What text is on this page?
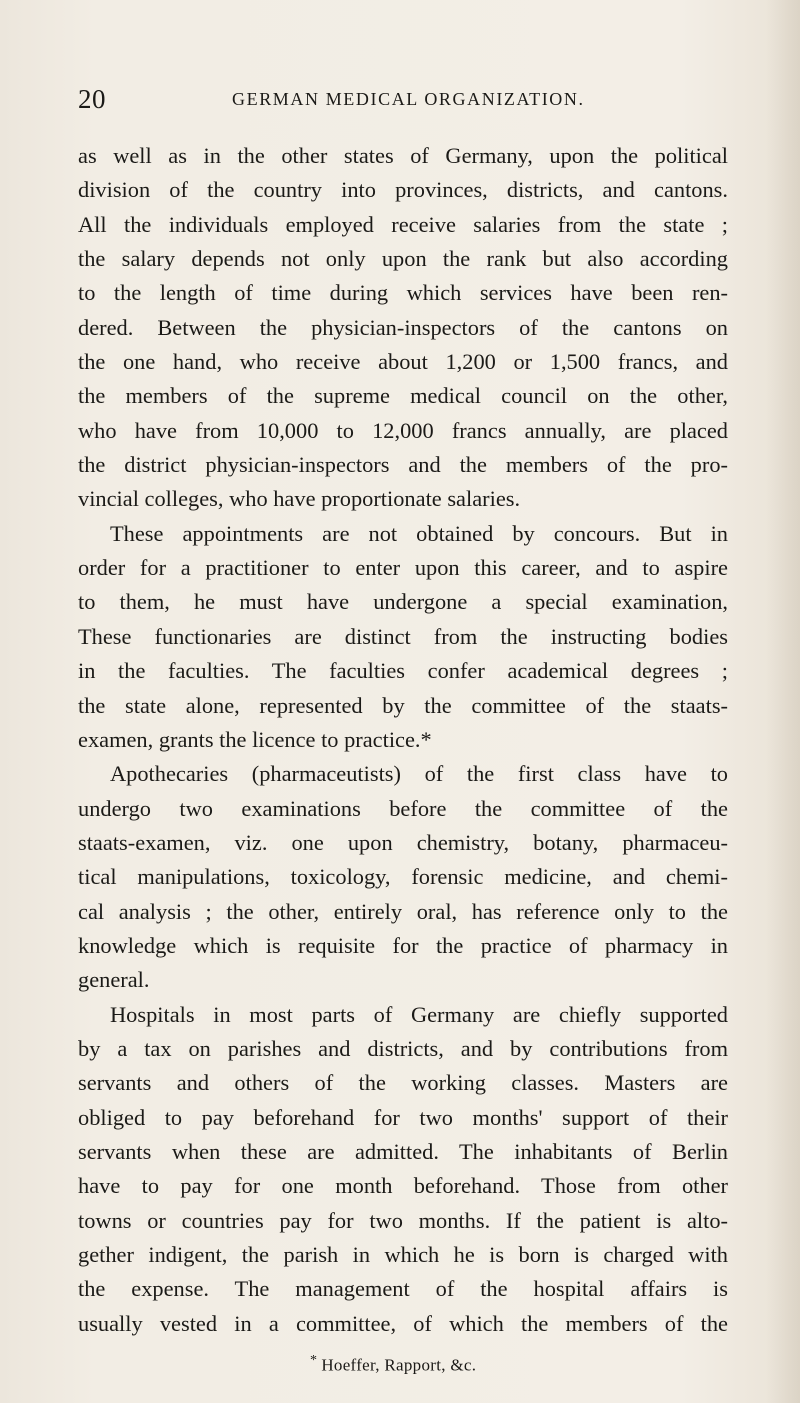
20	GERMAN MEDICAL ORGANIZATION.
as well as in the other states of Germany, upon the political
division of the country into provinces, districts, and cantons.
All the individuals employed receive salaries from the state ;
the salary depends not only upon the rank but also according
to the length of time during which services have been ren-
dered. Between the physician-inspectors of the cantons on
the one hand, who receive about 1,200 or 1,500 francs, and
the members of the supreme medical council on the other,
who have from 10,000 to 12,000 francs annually, are placed
the district physician-inspectors and the members of the pro-
vincial colleges, who have proportionate salaries.
These appointments are not obtained by concours. But in
order for a practitioner to enter upon this career, and to aspire
to them, he must have undergone a special examination,
These functionaries are distinct from the instructing bodies
in the faculties. The faculties confer academical degrees ;
the state alone, represented by the committee of the staats-
examen, grants the licence to practice.*
Apothecaries (pharmaceutists) of the first class have to
undergo two examinations before the committee of the
staats-examen, viz. one upon chemistry, botany, pharmaceu-
tical manipulations, toxicology, forensic medicine, and chemi-
cal analysis ; the other, entirely oral, has reference only to the
knowledge which is requisite for the practice of pharmacy in
general.
Hospitals in most parts of Germany are chiefly supported
by a tax on parishes and districts, and by contributions from
servants and others of the working classes. Masters are
obliged to pay beforehand for two months' support of their
servants when these are admitted. The inhabitants of Berlin
have to pay for one month beforehand. Those from other
towns or countries pay for two months. If the patient is alto-
gether indigent, the parish in which he is born is charged with
the expense. The management of the hospital affairs is
usually vested in a committee, of which the members of the
* Hoeffer, Rapport, &c.
